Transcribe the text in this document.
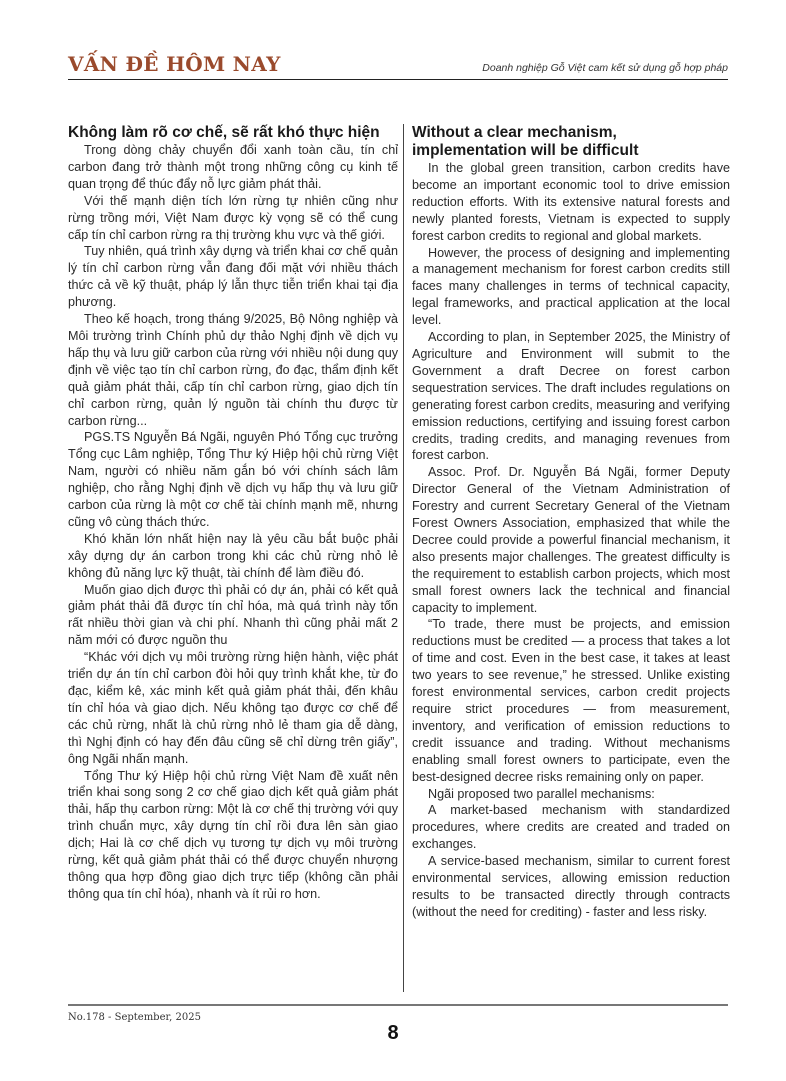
VẤN ĐỀ HÔM NAY	Doanh nghiệp Gỗ Việt cam kết sử dụng gỗ hợp pháp
Không làm rõ cơ chế, sẽ rất khó thực hiện

Trong dòng chảy chuyển đổi xanh toàn cầu, tín chỉ carbon đang trở thành một trong những công cụ kinh tế quan trọng để thúc đẩy nỗ lực giảm phát thải.

Với thế mạnh diện tích lớn rừng tự nhiên cũng như rừng trồng mới, Việt Nam được kỳ vọng sẽ có thể cung cấp tín chỉ carbon rừng ra thị trường khu vực và thế giới.

Tuy nhiên, quá trình xây dựng và triển khai cơ chế quản lý tín chỉ carbon rừng vẫn đang đối mặt với nhiều thách thức cả về kỹ thuật, pháp lý lẫn thực tiễn triển khai tại địa phương.

Theo kế hoạch, trong tháng 9/2025, Bộ Nông nghiệp và Môi trường trình Chính phủ dự thảo Nghị định về dịch vụ hấp thụ và lưu giữ carbon của rừng với nhiều nội dung quy định về việc tạo tín chỉ carbon rừng, đo đạc, thẩm định kết quả giảm phát thải, cấp tín chỉ carbon rừng, giao dịch tín chỉ carbon rừng, quản lý nguồn tài chính thu được từ carbon rừng...

PGS.TS Nguyễn Bá Ngãi, nguyên Phó Tổng cục trưởng Tổng cục Lâm nghiệp, Tổng Thư ký Hiệp hội chủ rừng Việt Nam, người có nhiều năm gắn bó với chính sách lâm nghiệp, cho rằng Nghị định về dịch vụ hấp thụ và lưu giữ carbon của rừng là một cơ chế tài chính mạnh mẽ, nhưng cũng vô cùng thách thức.

Khó khăn lớn nhất hiện nay là yêu cầu bắt buộc phải xây dựng dự án carbon trong khi các chủ rừng nhỏ lẻ không đủ năng lực kỹ thuật, tài chính để làm điều đó.

Muốn giao dịch được thì phải có dự án, phải có kết quả giảm phát thải đã được tín chỉ hóa, mà quá trình này tốn rất nhiều thời gian và chi phí. Nhanh thì cũng phải mất 2 năm mới có được nguồn thu

“Khác với dịch vụ môi trường rừng hiện hành, việc phát triển dự án tín chỉ carbon đòi hỏi quy trình khắt khe, từ đo đạc, kiểm kê, xác minh kết quả giảm phát thải, đến khâu tín chỉ hóa và giao dịch. Nếu không tạo được cơ chế để các chủ rừng, nhất là chủ rừng nhỏ lẻ tham gia dễ dàng, thì Nghị định có hay đến đâu cũng sẽ chỉ dừng trên giấy”, ông Ngãi nhấn mạnh.

Tổng Thư ký Hiệp hội chủ rừng Việt Nam đề xuất nên triển khai song song 2 cơ chế giao dịch kết quả giảm phát thải, hấp thụ carbon rừng: Một là cơ chế thị trường với quy trình chuẩn mực, xây dựng tín chỉ rồi đưa lên sàn giao dịch; Hai là cơ chế dịch vụ tương tự dịch vụ môi trường rừng, kết quả giảm phát thải có thể được chuyển nhượng thông qua hợp đồng giao dịch trực tiếp (không cần phải thông qua tín chỉ hóa), nhanh và ít rủi ro hơn.

Without a clear mechanism, implementation will be difficult

In the global green transition, carbon credits have become an important economic tool to drive emission reduction efforts. With its extensive natural forests and newly planted forests, Vietnam is expected to supply forest carbon credits to regional and global markets.

However, the process of designing and implementing a management mechanism for forest carbon credits still faces many challenges in terms of technical capacity, legal frameworks, and practical application at the local level.

According to plan, in September 2025, the Ministry of Agriculture and Environment will submit to the Government a draft Decree on forest carbon sequestration services. The draft includes regulations on generating forest carbon credits, measuring and verifying emission reductions, certifying and issuing forest carbon credits, trading credits, and managing revenues from forest carbon.

Assoc. Prof. Dr. Nguyễn Bá Ngãi, former Deputy Director General of the Vietnam Administration of Forestry and current Secretary General of the Vietnam Forest Owners Association, emphasized that while the Decree could provide a powerful financial mechanism, it also presents major challenges. The greatest difficulty is the requirement to establish carbon projects, which most small forest owners lack the technical and financial capacity to implement.

“To trade, there must be projects, and emission reductions must be credited — a process that takes a lot of time and cost. Even in the best case, it takes at least two years to see revenue,” he stressed. Unlike existing forest environmental services, carbon credit projects require strict procedures — from measurement, inventory, and verification of emission reductions to credit issuance and trading. Without mechanisms enabling small forest owners to participate, even the best-designed decree risks remaining only on paper.

Ngãi proposed two parallel mechanisms:

A market-based mechanism with standardized procedures, where credits are created and traded on exchanges.

A service-based mechanism, similar to current forest environmental services, allowing emission reduction results to be transacted directly through contracts (without the need for crediting) - faster and less risky.

No.178 - September, 2025
8
